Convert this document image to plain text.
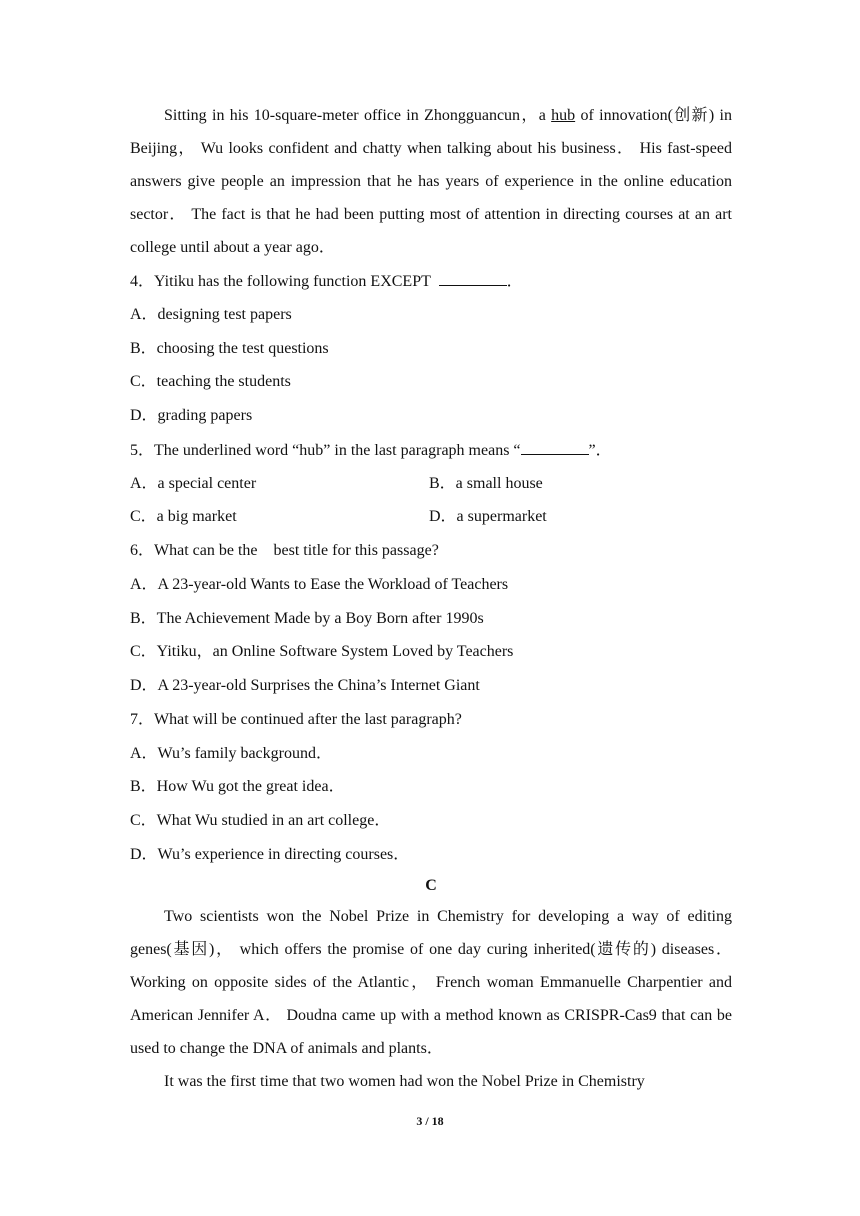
Sitting in his 10-square-meter office in Zhongguancun，a hub of innovation(创新) in Beijing， Wu looks confident and chatty when talking about his business． His fast-speed answers give people an impression that he has years of experience in the online education sector． The fact is that he had been putting most of attention in directing courses at an art college until about a year ago．

4．Yitiku has the following function EXCEPT	．

A．designing test papers

B．choosing the test questions

C．teaching the students

D．grading papers

5．The underlined word “hub” in the last paragraph means “	”．

A．a special center	B．a small house

C．a big market	D．a supermarket

6．What can be the    best title for this passage?

A．A 23-year-old Wants to Ease the Workload of Teachers

B．The Achievement Made by a Boy Born after 1990s

C．Yitiku，an Online Software System Loved by Teachers

D．A 23-year-old Surprises the China’s Internet Giant

7．What will be continued after the last paragraph?

A．Wu’s family background．

B．How Wu got the great idea．

C．What Wu studied in an art college．

D．Wu’s experience in directing courses．

C

Two scientists won the Nobel Prize in Chemistry for developing a way of editing genes(基因)， which offers the promise of one day curing inherited(遗传的) diseases． Working on opposite sides of the Atlantic， French woman Emmanuelle Charpentier and American Jennifer A． Doudna came up with a method known as CRISPR-Cas9 that can be used to change the DNA of animals and plants．

It was the first time that two women had won the Nobel Prize in Chemistry

3 / 18
